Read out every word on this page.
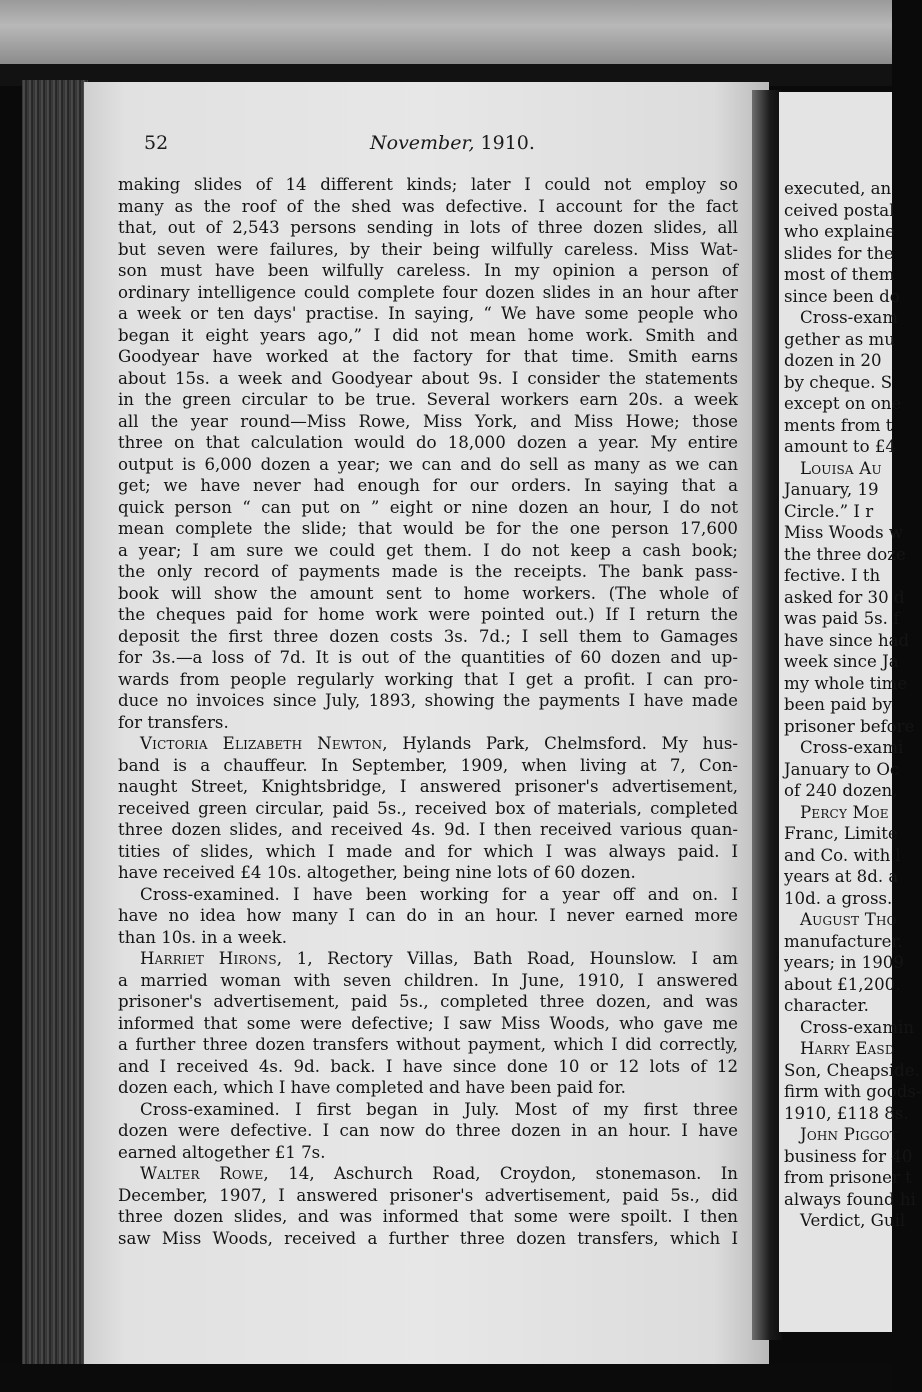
52	November, 1910.
making slides of 14 different kinds; later I could not employ so
many as the roof of the shed was defective. I account for the fact
that, out of 2,543 persons sending in lots of three dozen slides, all
but seven were failures, by their being wilfully careless. Miss Wat-
son must have been wilfully careless. In my opinion a person of
ordinary intelligence could complete four dozen slides in an hour after
a week or ten days' practise. In saying, “ We have some people who
began it eight years ago,” I did not mean home work. Smith and
Goodyear have worked at the factory for that time. Smith earns
about 15s. a week and Goodyear about 9s. I consider the statements
in the green circular to be true. Several workers earn 20s. a week
all the year round—Miss Rowe, Miss York, and Miss Howe; those
three on that calculation would do 18,000 dozen a year. My entire
output is 6,000 dozen a year; we can and do sell as many as we can
get; we have never had enough for our orders. In saying that a
quick person “ can put on ” eight or nine dozen an hour, I do not
mean complete the slide; that would be for the one person 17,600
a year; I am sure we could get them. I do not keep a cash book;
the only record of payments made is the receipts. The bank pass-
book will show the amount sent to home workers. (The whole of
the cheques paid for home work were pointed out.) If I return the
deposit the first three dozen costs 3s. 7d.; I sell them to Gamages
for 3s.—a loss of 7d. It is out of the quantities of 60 dozen and up-
wards from people regularly working that I get a profit. I can pro-
duce no invoices since July, 1893, showing the payments I have made
for transfers.
Victoria Elizabeth Newton, Hylands Park, Chelmsford. My hus-
band is a chauffeur. In September, 1909, when living at 7, Con-
naught Street, Knightsbridge, I answered prisoner's advertisement,
received green circular, paid 5s., received box of materials, completed
three dozen slides, and received 4s. 9d. I then received various quan-
tities of slides, which I made and for which I was always paid. I
have received £4 10s. altogether, being nine lots of 60 dozen.
Cross-examined. I have been working for a year off and on. I
have no idea how many I can do in an hour. I never earned more
than 10s. in a week.
Harriet Hirons, 1, Rectory Villas, Bath Road, Hounslow. I am
a married woman with seven children. In June, 1910, I answered
prisoner's advertisement, paid 5s., completed three dozen, and was
informed that some were defective; I saw Miss Woods, who gave me
a further three dozen transfers without payment, which I did correctly,
and I received 4s. 9d. back. I have since done 10 or 12 lots of 12
dozen each, which I have completed and have been paid for.
Cross-examined. I first began in July. Most of my first three
dozen were defective. I can now do three dozen in an hour. I have
earned altogether £1 7s.
Walter Rowe, 14, Aschurch Road, Croydon, stonemason. In
December, 1907, I answered prisoner's advertisement, paid 5s., did
three dozen slides, and was informed that some were spoilt. I then
saw Miss Woods, received a further three dozen transfers, which I
executed, an
ceived postal
who explaine
slides for the
most of them
since been do
Cross-exam
gether as mu
dozen in 20
by cheque. S
except on one
ments from t
amount to £4
Louisa Au
January, 19
Circle.” I r
Miss Woods w
the three doze
fective. I th
asked for 30 d
was paid 5s. f
have since had
week since Ja
my whole time
been paid by
prisoner before
Cross-exami
January to Oc
of 240 dozen,
Percy Moe
Franc, Limite
and Co. with l
years at 8d. a
10d. a gross.
August Tho
manufacturer.
years; in 1909
about £1,200.
character.
Cross-examin
Harry Easd
Son, Cheapside.
firm with goods-
1910, £118 8s.
John Piggot
business for 40
from prisoner t
always found hi
Verdict, Guil
